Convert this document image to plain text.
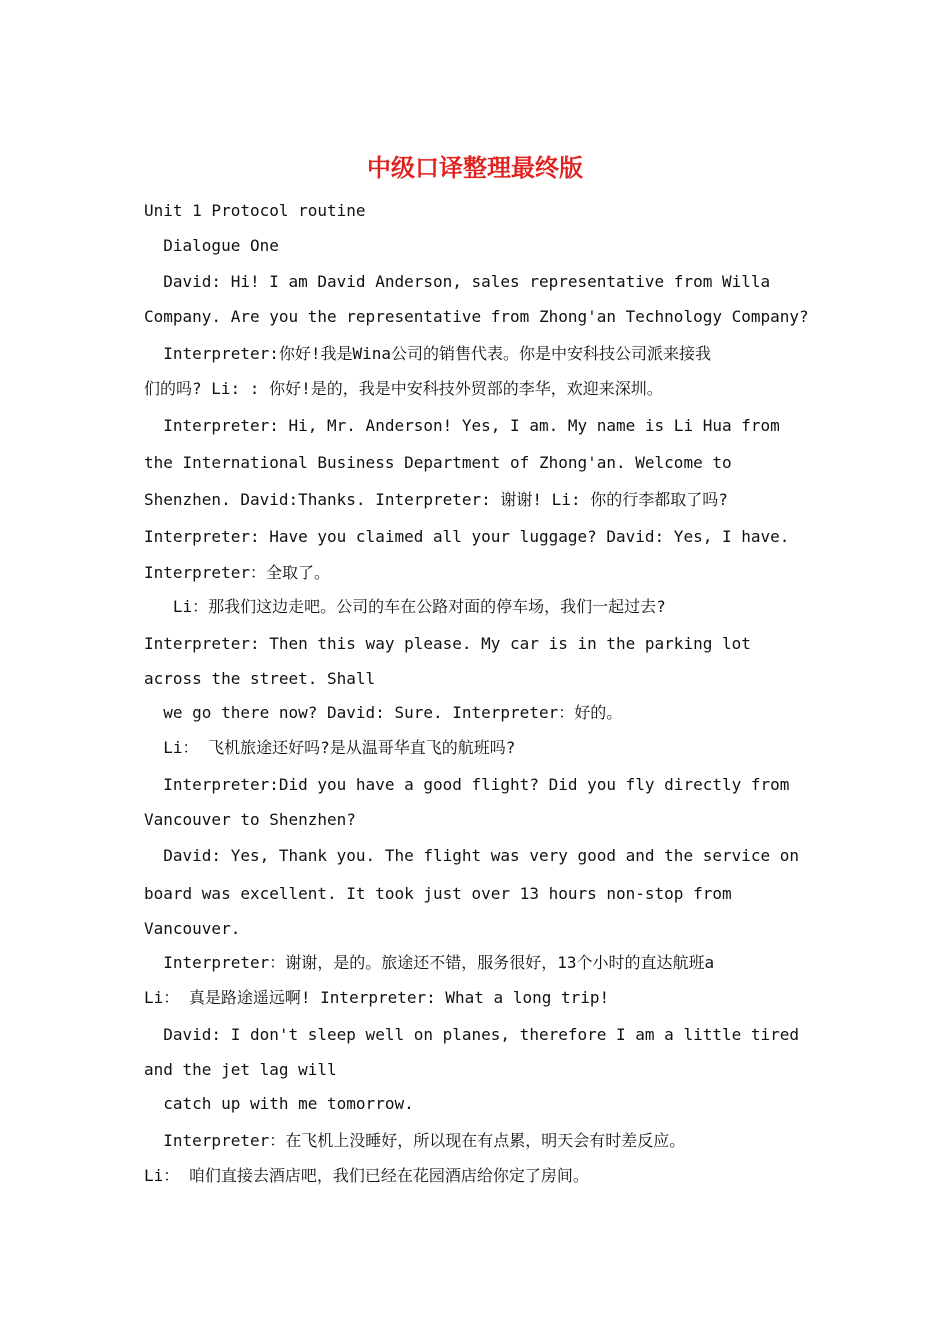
中级口译整理最终版
Unit 1 Protocol routine
Dialogue One
David: Hi! I am David Anderson, sales representative from Willa
Company. Are you the representative from Zhong'an Technology Company?
Interpreter:你好!我是Wina公司的销售代表。你是中安科技公司派来接我
们的吗? Li: : 你好!是的，我是中安科技外贸部的李华，欢迎来深圳。
Interpreter: Hi, Mr. Anderson! Yes, I am. My name is Li Hua from
the International Business Department of Zhong'an. Welcome to
Shenzhen. David:Thanks. Interpreter: 谢谢! Li: 你的行李都取了吗?
Interpreter: Have you claimed all your luggage? David: Yes, I have.
Interpreter：全取了。
Li：那我们这边走吧。公司的车在公路对面的停车场，我们一起过去?
Interpreter: Then this way please. My car is in the parking lot
across the street. Shall
we go there now? David: Sure. Interpreter：好的。
Li： 飞机旅途还好吗?是从温哥华直飞的航班吗?
Interpreter:Did you have a good flight? Did you fly directly from
Vancouver to Shenzhen?
David: Yes, Thank you. The flight was very good and the service on
board was excellent. It took just over 13 hours non-stop from
Vancouver.
Interpreter：谢谢，是的。旅途还不错，服务很好，13个小时的直达航班a
Li： 真是路途遥远啊! Interpreter: What a long trip!
David: I don't sleep well on planes, therefore I am a little tired
and the jet lag will
catch up with me tomorrow.
Interpreter：在飞机上没睡好，所以现在有点累，明天会有时差反应。
Li： 咱们直接去酒店吧，我们已经在花园酒店给你定了房间。
